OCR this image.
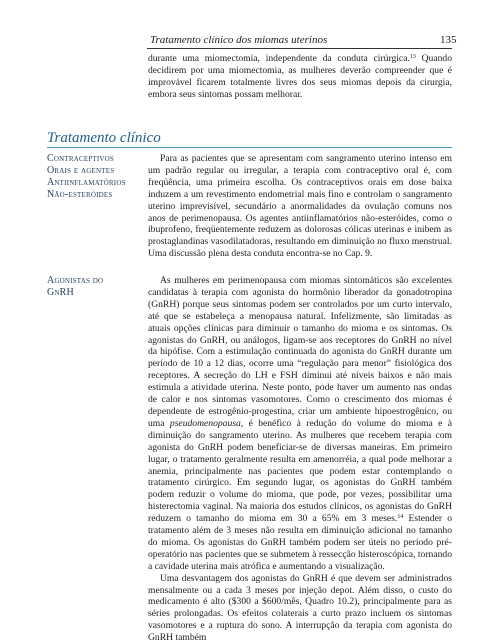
Tratamento clínico dos miomas uterinos	135

durante uma miomectomia, independente da conduta cirúrgica.$^{13}$ Quando decidirem por uma miomectomia, as mulheres deverão compreender que é improvável ficarem totalmente livres dos seus miomas depois da cirurgia, embora seus sintomas possam melhorar.

Tratamento clínico
Contraceptivos
Orais e agentes
Antiinflamatórios
Não-esteróides

Para as pacientes que se apresentam com sangramento uterino intenso em um padrão regular ou irregular, a terapia com contraceptivo oral é, com freqüência, uma primeira escolha. Os contraceptivos orais em dose baixa induzem a um revestimento endometrial mais fino e controlam o sangramento uterino imprevisível, secundário a anormalidades da ovulação comuns nos anos de perimenopausa. Os agentes antiinflamatórios não-esteróides, como o ibuprofeno, freqüentemente reduzem as dolorosas cólicas uterinas e inibem as prostaglandinas vasodilatadoras, resultando em diminuição no fluxo menstrual. Uma discussão plena desta conduta encontra-se no Cap. 9.

Agonistas do
GnRH

As mulheres em perimenopausa com miomas sintomáticos são excelentes candidatas à terapia com agonista do hormônio liberador da gonadotropina (GnRH) porque seus sintomas podem ser controlados por um curto intervalo, até que se estabeleça a menopausa natural. Infelizmente, são limitadas as atuais opções clínicas para diminuir o tamanho do mioma e os sintomas. Os agonistas do GnRH, ou análogos, ligam-se aos receptores do GnRH no nível da hipófise. Com a estimulação continuada do agonista do GnRH durante um período de 10 a 12 dias, ocorre uma “regulação para menor” fisiológica dos receptores. A secreção do LH e FSH diminui até níveis baixos e não mais estimula a atividade uterina. Neste ponto, pode haver um aumento nas ondas de calor e nos sintomas vasomotores. Como o crescimento dos miomas é dependente de estrogênio-progestina, criar um ambiente hipoestrogênico, ou uma pseudomenopausa, é benéfico à redução do volume do mioma e à diminuição do sangramento uterino. As mulheres que recebem terapia com agonista do GnRH podem beneficiar-se de diversas maneiras. Em primeiro lugar, o tratamento geralmente resulta em amenorréia, a qual pode melhorar a anemia, principalmente nas pacientes que podem estar contemplando o tratamento cirúrgico. Em segundo lugar, os agonistas do GnRH também podem reduzir o volume do mioma, que pode, por vezes, possibilitar uma histerectomia vaginal. Na maioria dos estudos clínicos, os agonistas do GnRH reduzem o tamanho do mioma em 30 a 65% em 3 meses.$^{14}$ Estender o tratamento além de 3 meses não resulta em diminuição adicional no tamanho do mioma. Os agonistas do GnRH também podem ser úteis no período pré-operatório nas pacientes que se submetem à ressecção histeroscópica, tornando a cavidade uterina mais atrófica e aumentando a visualização.

Uma desvantagem dos agonistas do GnRH é que devem ser administrados mensalmente ou a cada 3 meses por injeção depot. Além disso, o custo do medicamento é alto ($300 a $600/mês, Quadro 10.2), principalmente para as séries prolongadas. Os efeitos colaterais a curto prazo incluem os sintomas vasomotores e a ruptura do sono. A interrupção da terapia com agonista do GnRH também
